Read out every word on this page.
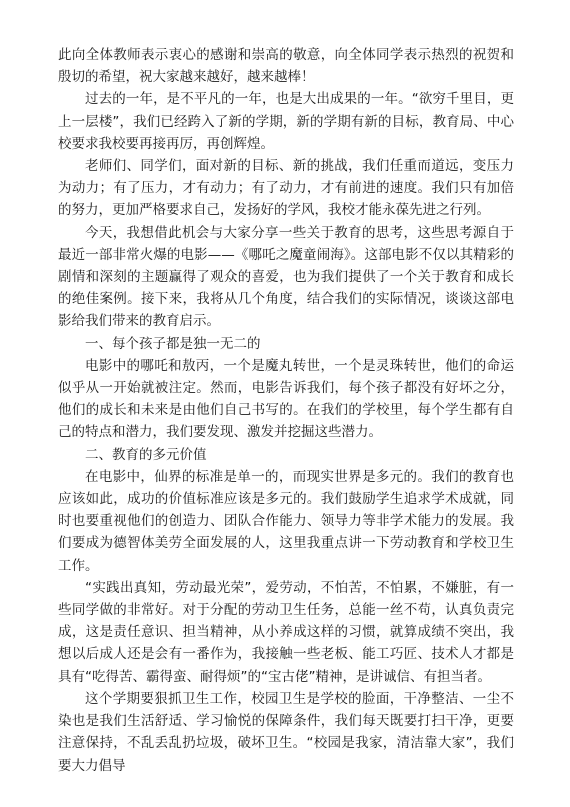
此向全体教师表示衷心的感谢和崇高的敬意，向全体同学表示热烈的祝贺和殷切的希望，祝大家越来越好，越来越棒！

过去的一年，是不平凡的一年，也是大出成果的一年。“欲穷千里目，更上一层楼”，我们已经跨入了新的学期，新的学期有新的目标，教育局、中心校要求我校要再接再厉，再创辉煌。

老师们、同学们，面对新的目标、新的挑战，我们任重而道远，变压力为动力；有了压力，才有动力；有了动力，才有前进的速度。我们只有加倍的努力，更加严格要求自己，发扬好的学风，我校才能永葆先进之行列。

今天，我想借此机会与大家分享一些关于教育的思考，这些思考源自于最近一部非常火爆的电影——《哪吒之魔童闹海》。这部电影不仅以其精彩的剧情和深刻的主题赢得了观众的喜爱，也为我们提供了一个关于教育和成长的绝佳案例。接下来，我将从几个角度，结合我们的实际情况，谈谈这部电影给我们带来的教育启示。

一、每个孩子都是独一无二的

电影中的哪吒和敖丙，一个是魔丸转世，一个是灵珠转世，他们的命运似乎从一开始就被注定。然而，电影告诉我们，每个孩子都没有好坏之分，他们的成长和未来是由他们自己书写的。在我们的学校里，每个学生都有自己的特点和潜力，我们要发现、激发并挖掘这些潜力。

二、教育的多元价值

在电影中，仙界的标准是单一的，而现实世界是多元的。我们的教育也应该如此，成功的价值标准应该是多元的。我们鼓励学生追求学术成就，同时也要重视他们的创造力、团队合作能力、领导力等非学术能力的发展。我们要成为德智体美劳全面发展的人，这里我重点讲一下劳动教育和学校卫生工作。

“实践出真知，劳动最光荣”，爱劳动，不怕苦，不怕累，不嫌脏，有一些同学做的非常好。对于分配的劳动卫生任务，总能一丝不苟，认真负责完成，这是责任意识、担当精神，从小养成这样的习惯，就算成绩不突出，我想以后成人还是会有一番作为，我接触一些老板、能工巧匠、技术人才都是具有“吃得苦、霸得蛮、耐得烦”的“宝古佬”精神，是讲诚信、有担当者。

这个学期要狠抓卫生工作，校园卫生是学校的脸面，干净整洁、一尘不染也是我们生活舒适、学习愉悦的保障条件，我们每天既要打扫干净，更要注意保持，不乱丢乱扔垃圾，破坏卫生。“校园是我家，清洁靠大家”，我们要大力倡导
